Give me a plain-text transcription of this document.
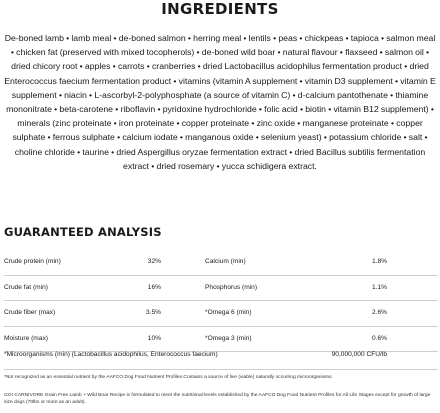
INGREDIENTS

De-boned lamb • lamb meal • de-boned salmon • herring meal • lentils • peas • chickpeas • tapioca • salmon meal • chicken fat (preserved with mixed tocopherols) • de-boned wild boar • natural flavour • flaxseed • salmon oil • dried chicory root • apples • carrots • cranberries • dried Lactobacillus acidophilus fermentation product • dried Enterococcus faecium fermentation product • vitamins (vitamin A supplement • vitamin D3 supplement • vitamin E supplement • niacin • L-ascorbyl-2-polyphosphate (a source of vitamin C) • d-calcium pantothenate • thiamine mononitrate • beta-carotene • riboflavin • pyridoxine hydrochloride • folic acid • biotin • vitamin B12 supplement) • minerals (zinc proteinate • iron proteinate • copper proteinate • zinc oxide • manganese proteinate • copper sulphate • ferrous sulphate • calcium iodate • manganous oxide • selenium yeast) • potassium chloride • salt • choline chloride • taurine • dried Aspergillus oryzae fermentation extract • dried Bacillus subtilis fermentation extract • dried rosemary • yucca schidigera extract.

GUARANTEED ANALYSIS
Crude protein (min)	32%	Calcium (min)	1.8%
Crude fat (min)	16%	Phosphorus (min)	1.1%
Crude fiber (max)	3.5%	*Omega 6 (min)	2.6%
Moisture (max)	10%	*Omega 3 (min)	0.6%
*Microorganisms (min) (Lactobacillus acidophilus, Enterococcus faecium)	90,000,000 CFU/lb

*Not recognized as an essential nutrient by the AAFCO Dog Food Nutrient Profiles.Contains a source of live (viable) naturally occurring microorganisms.

GO! CARNIVORE Grain Free Lamb + Wild Boar Recipe is formulated to meet the nutritional levels established by the AAFCO Dog Food Nutrient Profiles for All Life Stages except for growth of large size dogs (70lbs or more as an adult).
